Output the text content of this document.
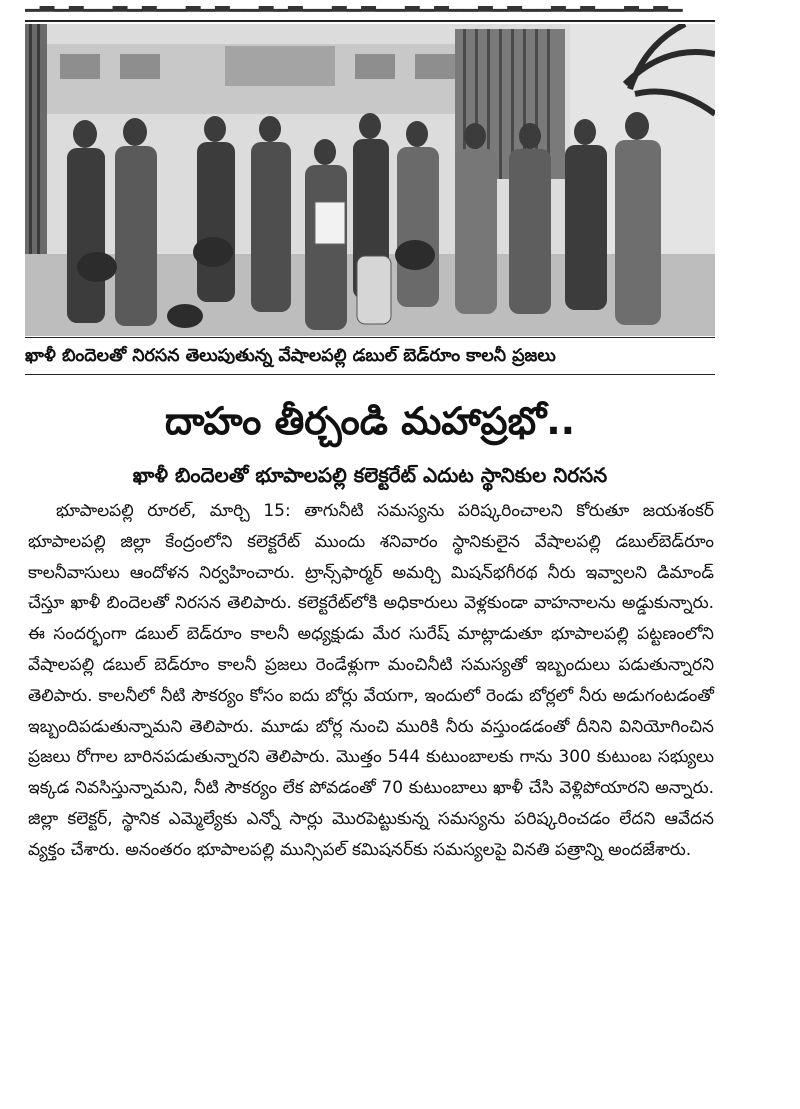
▁▂▁▂▁▁▂▁▂▁▁▂▁▂▁▁▂▁▂▁▁▂▁▂▁▁▂▁▂▁▁▂▁▂▁▁▂▁▂▁▁▂▁▂▁
ఖాళీ బిందెలతో నిరసన తెలుపుతున్న వేషాలపల్లి డబుల్ బెడ్‌రూం కాలనీ ప్రజలు
దాహం తీర్చండి మహాప్రభో..
ఖాళీ బిందెలతో భూపాలపల్లి కలెక్టరేట్ ఎదుట స్థానికుల నిరసన

భూపాలపల్లి రూరల్, మార్చి 15: తాగునీటి సమస్యను పరిష్కరించాలని కోరుతూ జయశంకర్ భూపాలపల్లి జిల్లా కేంద్రంలోని కలెక్టరేట్ ముందు శనివారం స్థానికులైన వేషాలపల్లి డబుల్‌బెడ్‌రూం కాలనీవాసులు ఆందోళన నిర్వహించారు. ట్రాన్స్‌ఫార్మర్ అమర్చి మిషన్‌భగీరథ నీరు ఇవ్వాలని డిమాండ్ చేస్తూ ఖాళీ బిందెలతో నిరసన తెలిపారు. కలెక్టరేట్‌లోకి అధికారులు వెళ్లకుండా వాహనాలను అడ్డుకున్నారు. ఈ సందర్భంగా డబుల్ బెడ్‌రూం కాలనీ అధ్యక్షుడు మేర సురేష్ మాట్లాడుతూ భూపాలపల్లి పట్టణంలోని వేషాలపల్లి డబుల్ బెడ్‌రూం కాలనీ ప్రజలు రెండేళ్లుగా మంచినీటి సమస్యతో ఇబ్బందులు పడుతున్నారని తెలిపారు. కాలనీలో నీటి సౌకర్యం కోసం ఐదు బోర్లు వేయగా, ఇందులో రెండు బోర్లలో నీరు అడుగంటడంతో ఇబ్బందిపడుతున్నామని తెలిపారు. మూడు బోర్ల నుంచి మురికి నీరు వస్తుండడంతో దీనిని వినియోగించిన ప్రజలు రోగాల బారినపడుతున్నారని తెలిపారు. మొత్తం 544 కుటుంబాలకు గాను 300 కుటుంబ సభ్యులు ఇక్కడ నివసిస్తున్నామని, నీటి సౌకర్యం లేక పోవడంతో 70 కుటుంబాలు ఖాళీ చేసి వెళ్లిపోయారని అన్నారు. జిల్లా కలెక్టర్, స్థానిక ఎమ్మెల్యేకు ఎన్నో సార్లు మొరపెట్టుకున్న సమస్యను పరిష్కరించడం లేదని ఆవేదన వ్యక్తం చేశారు. అనంతరం భూపాలపల్లి మున్సిపల్ కమిషనర్‌కు సమస్యలపై వినతి పత్రాన్ని అందజేశారు.
